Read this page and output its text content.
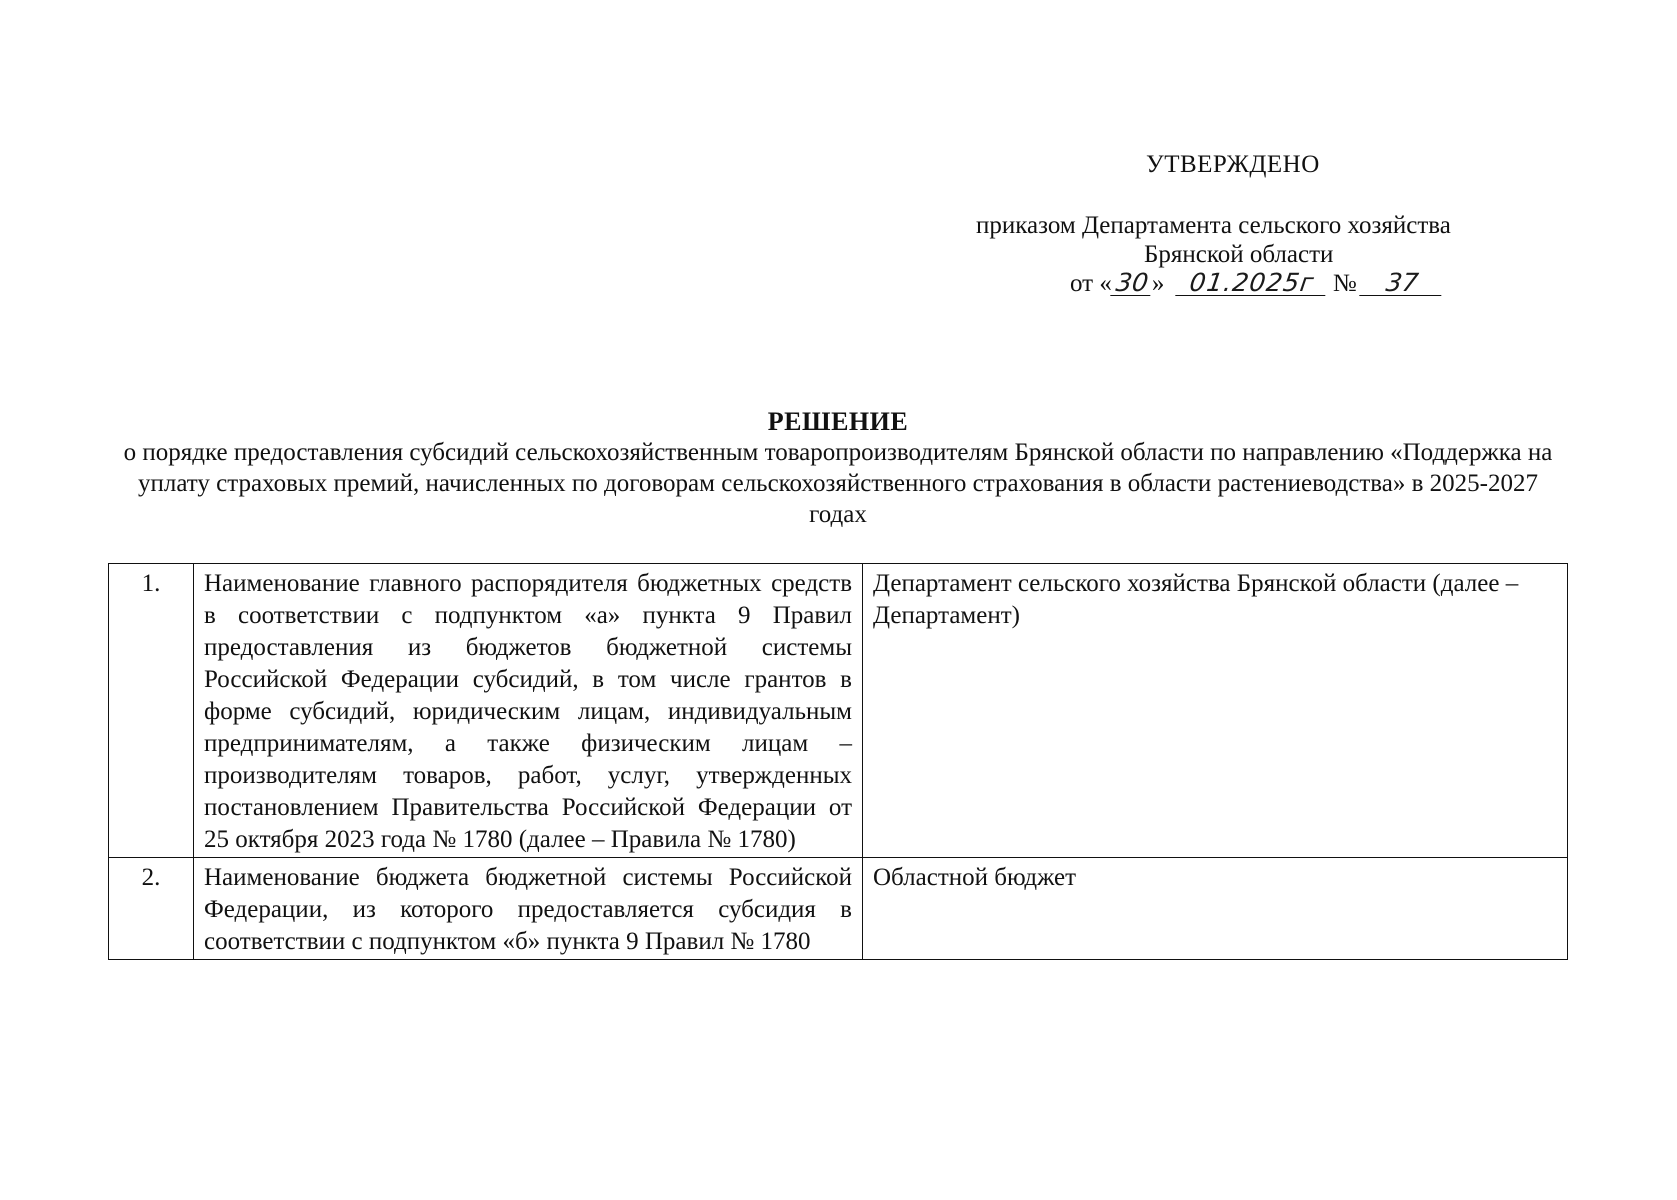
УТВЕРЖДЕНО
приказом Департамента сельского хозяйства
Брянской области
от «30» 01.2025г № 37
РЕШЕНИЕ
о порядке предоставления субсидий сельскохозяйственным товаропроизводителям Брянской области по направлению «Поддержка на уплату страховых премий, начисленных по договорам сельскохозяйственного страхования в области растениеводства» в 2025-2027 годах
1.	Наименование главного распорядителя бюджетных средств в соответствии с подпунктом «а» пункта 9 Правил предоставления из бюджетов бюджетной системы Российской Федерации субсидий, в том числе грантов в форме субсидий, юридическим лицам, индивидуальным предпринимателям, а также физическим лицам – производителям товаров, работ, услуг, утвержденных постановлением Правительства Российской Федерации от 25 октября 2023 года № 1780 (далее – Правила № 1780)	Департамент сельского хозяйства Брянской области (далее – Департамент)
2.	Наименование бюджета бюджетной системы Российской Федерации, из которого предоставляется субсидия в соответствии с подпунктом «б» пункта 9 Правил № 1780	Областной бюджет
